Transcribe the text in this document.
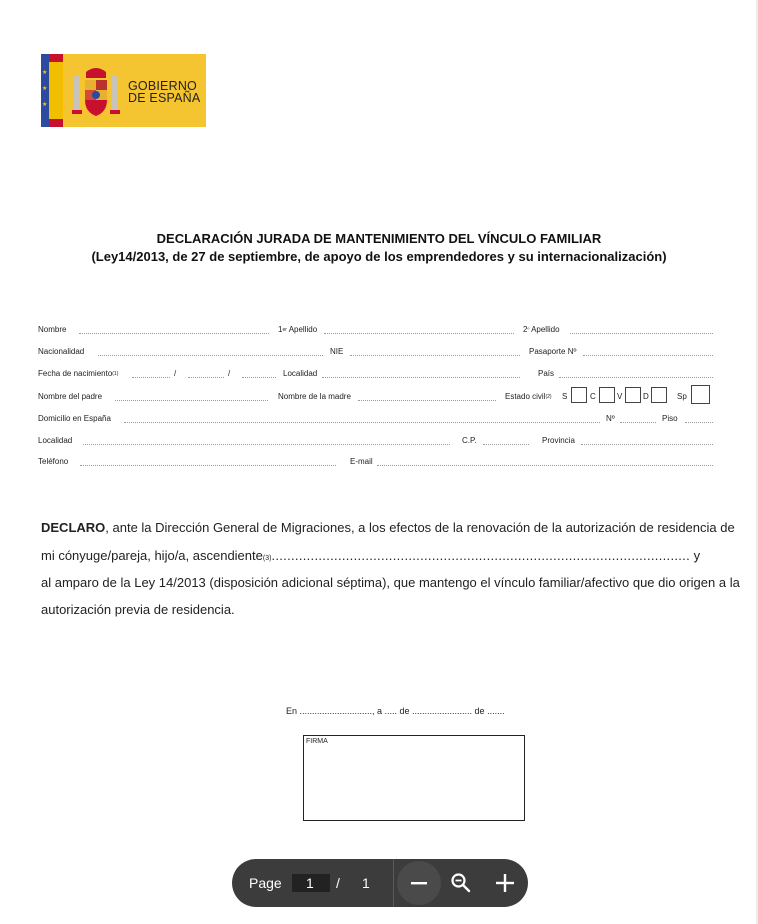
★
★
★
GOBIERNO
DE ESPAÑA
DECLARACIÓN JURADA DE MANTENIMIENTO DEL VÍNCULO FAMILIAR
(Ley14/2013, de 27 de septiembre, de apoyo de los emprendedores y su internacionalización)
Nombre	1er Apellido	$2^º$ Apellido
Nacionalidad	NIE	Pasaporte Nº
Fecha de nacimiento$^{(1)}$	/	/	Localidad	País
Nombre del padre	Nombre de la madre	Estado civil$^{(2)}$ S	C	V	D	Sp
Domicilio en España	Nº	Piso
Localidad	C.P.	Provincia
Teléfono	E-mail
DECLARO, ante la Dirección General de Migraciones, a los efectos de la renovación de la autorización de residencia de
mi cónyuge/pareja, hijo/a, ascendiente(3)........................................................................................................... y
al amparo de la Ley 14/2013 (disposición adicional séptima), que mantengo el vínculo familiar/afectivo que dio origen a la
autorización previa de residencia.
En ............................., a ..... de ........................ de .......
FIRMA
Page 1 / 1
